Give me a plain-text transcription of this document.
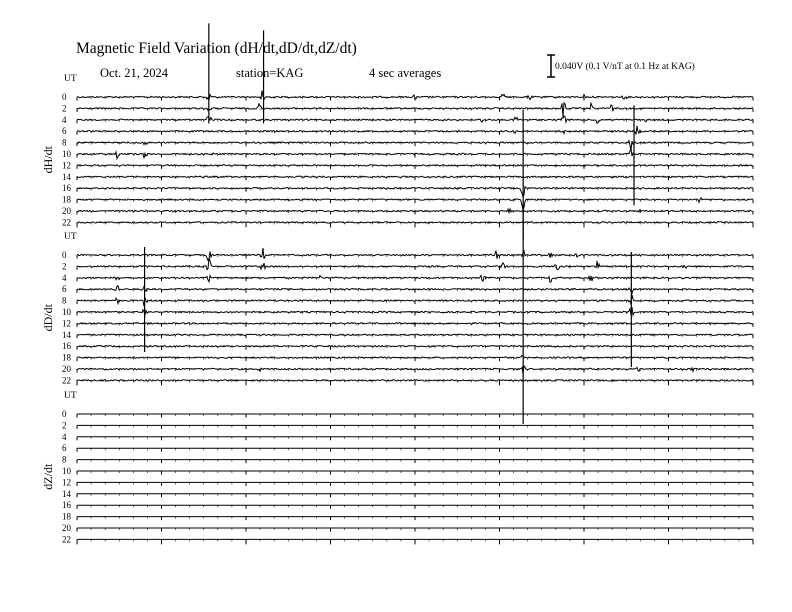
Magnetic Field Variation (dH/dt,dD/dt,dZ/dt)
Oct. 21, 2024	station=KAG	4 sec averages	0.040V (0.1 V/nT at 0.1 Hz at KAG)
UT
dH/dt
0
2
4
6
8
10
12
14
16
18
20
22
UT
dD/dt
0
2
4
6
8
10
12
14
16
18
20
22
UT
dZ/dt
0
2
4
6
8
10
12
14
16
18
20
22
